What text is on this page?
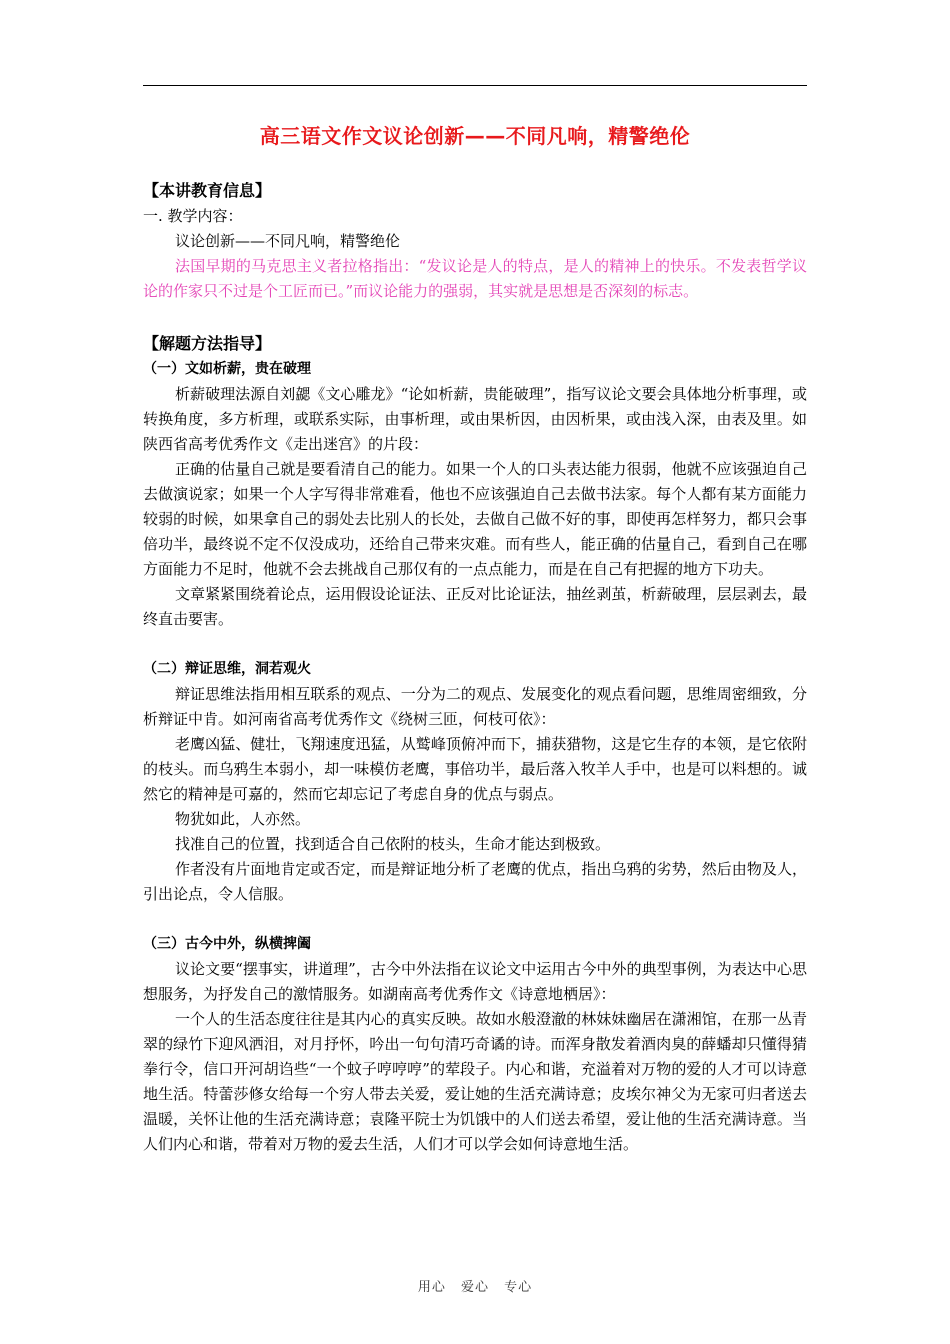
高三语文作文议论创新——不同凡响，精警绝伦
【本讲教育信息】

一. 教学内容：

议论创新——不同凡响，精警绝伦

法国早期的马克思主义者拉格指出：“发议论是人的特点，是人的精神上的快乐。不发表哲学议论的作家只不过是个工匠而已。”而议论能力的强弱，其实就是思想是否深刻的标志。

【解题方法指导】
（一）文如析薪，贵在破理

析薪破理法源自刘勰《文心雕龙》“论如析薪，贵能破理”，指写议论文要会具体地分析事理，或转换角度，多方析理，或联系实际，由事析理，或由果析因，由因析果，或由浅入深，由表及里。如陕西省高考优秀作文《走出迷宫》的片段：

正确的估量自己就是要看清自己的能力。如果一个人的口头表达能力很弱，他就不应该强迫自己去做演说家；如果一个人字写得非常难看，他也不应该强迫自己去做书法家。每个人都有某方面能力较弱的时候，如果拿自己的弱处去比别人的长处，去做自己做不好的事，即使再怎样努力，都只会事倍功半，最终说不定不仅没成功，还给自己带来灾难。而有些人，能正确的估量自己，看到自己在哪方面能力不足时，他就不会去挑战自己那仅有的一点点能力，而是在自己有把握的地方下功夫。

文章紧紧围绕着论点，运用假设论证法、正反对比论证法，抽丝剥茧，析薪破理，层层剥去，最终直击要害。

（二）辩证思维，洞若观火

辩证思维法指用相互联系的观点、一分为二的观点、发展变化的观点看问题，思维周密细致，分析辩证中肯。如河南省高考优秀作文《绕树三匝，何枝可依》：

老鹰凶猛、健壮，飞翔速度迅猛，从鹫峰顶俯冲而下，捕获猎物，这是它生存的本领，是它依附的枝头。而乌鸦生本弱小，却一味模仿老鹰，事倍功半，最后落入牧羊人手中，也是可以料想的。诚然它的精神是可嘉的，然而它却忘记了考虑自身的优点与弱点。

物犹如此，人亦然。

找准自己的位置，找到适合自己依附的枝头，生命才能达到极致。

作者没有片面地肯定或否定，而是辩证地分析了老鹰的优点，指出乌鸦的劣势，然后由物及人，引出论点，令人信服。

（三）古今中外，纵横捭阖

议论文要“摆事实，讲道理”，古今中外法指在议论文中运用古今中外的典型事例，为表达中心思想服务，为抒发自己的激情服务。如湖南高考优秀作文《诗意地栖居》：

一个人的生活态度往往是其内心的真实反映。故如水般澄澈的林妹妹幽居在潇湘馆，在那一丛青翠的绿竹下迎风洒泪，对月抒怀，吟出一句句清巧奇谲的诗。而浑身散发着酒肉臭的薛蟠却只懂得猜拳行令，信口开河胡诌些“一个蚊子哼哼哼”的荤段子。内心和谐，充溢着对万物的爱的人才可以诗意地生活。特蕾莎修女给每一个穷人带去关爱，爱让她的生活充满诗意；皮埃尔神父为无家可归者送去温暖，关怀让他的生活充满诗意；袁隆平院士为饥饿中的人们送去希望，爱让他的生活充满诗意。当人们内心和谐，带着对万物的爱去生活，人们才可以学会如何诗意地生活。

用心 爱心 专心
